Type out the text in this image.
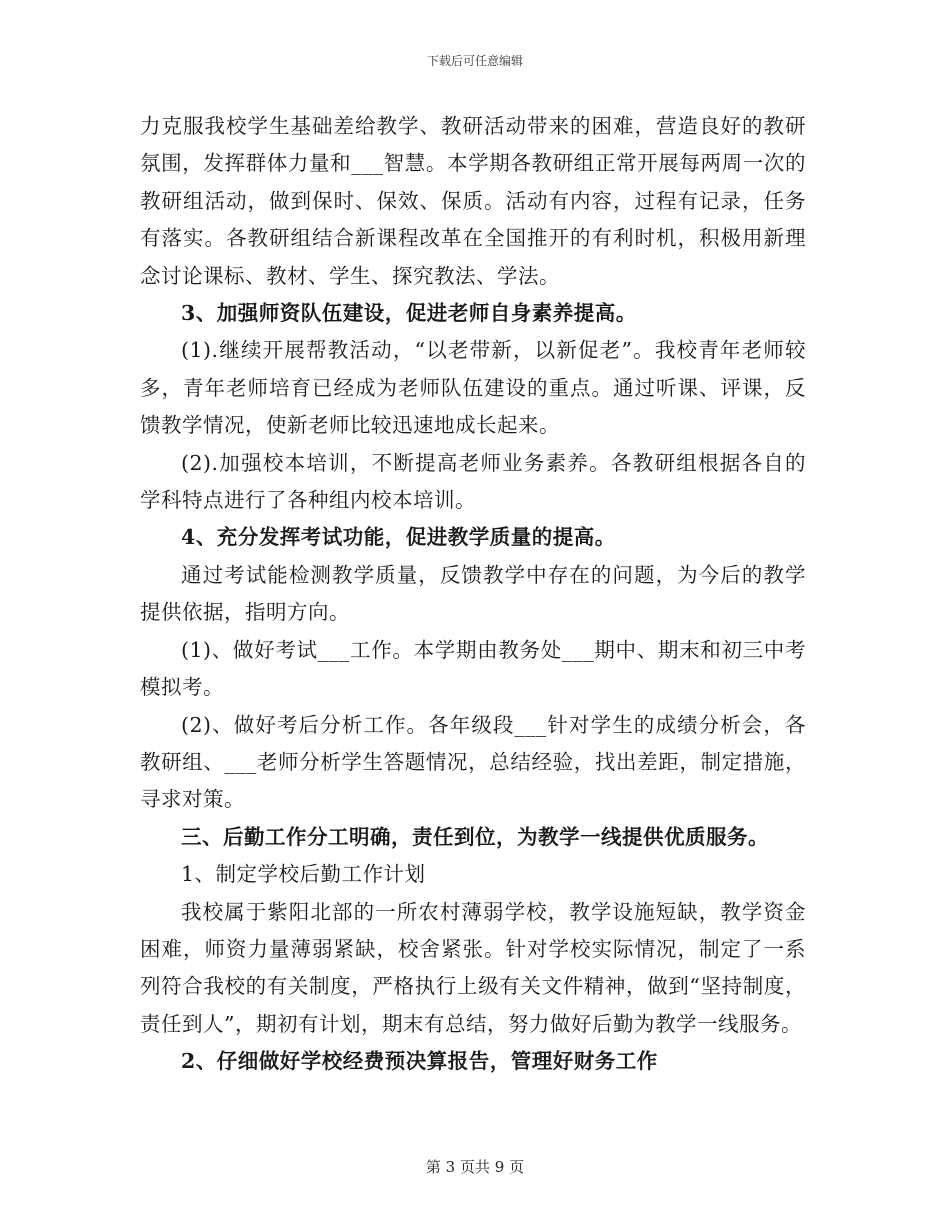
下载后可任意编辑

力克服我校学生基础差给教学、教研活动带来的困难，营造良好的教研氛围，发挥群体力量和___智慧。本学期各教研组正常开展每两周一次的教研组活动，做到保时、保效、保质。活动有内容，过程有记录，任务有落实。各教研组结合新课程改革在全国推开的有利时机，积极用新理念讨论课标、教材、学生、探究教法、学法。

3、加强师资队伍建设，促进老师自身素养提高。

(1).继续开展帮教活动，“以老带新，以新促老”。我校青年老师较多，青年老师培育已经成为老师队伍建设的重点。通过听课、评课，反馈教学情况，使新老师比较迅速地成长起来。

(2).加强校本培训，不断提高老师业务素养。各教研组根据各自的学科特点进行了各种组内校本培训。

4、充分发挥考试功能，促进教学质量的提高。

通过考试能检测教学质量，反馈教学中存在的问题，为今后的教学提供依据，指明方向。

(1)、做好考试___工作。本学期由教务处___期中、期末和初三中考模拟考。

(2)、做好考后分析工作。各年级段___针对学生的成绩分析会，各教研组、___老师分析学生答题情况，总结经验，找出差距，制定措施，寻求对策。

三、后勤工作分工明确，责任到位，为教学一线提供优质服务。

1、制定学校后勤工作计划

我校属于紫阳北部的一所农村薄弱学校，教学设施短缺，教学资金困难，师资力量薄弱紧缺，校舍紧张。针对学校实际情况，制定了一系列符合我校的有关制度，严格执行上级有关文件精神，做到“坚持制度，责任到人”，期初有计划，期末有总结，努力做好后勤为教学一线服务。

2、仔细做好学校经费预决算报告，管理好财务工作

第 3 页共 9 页
